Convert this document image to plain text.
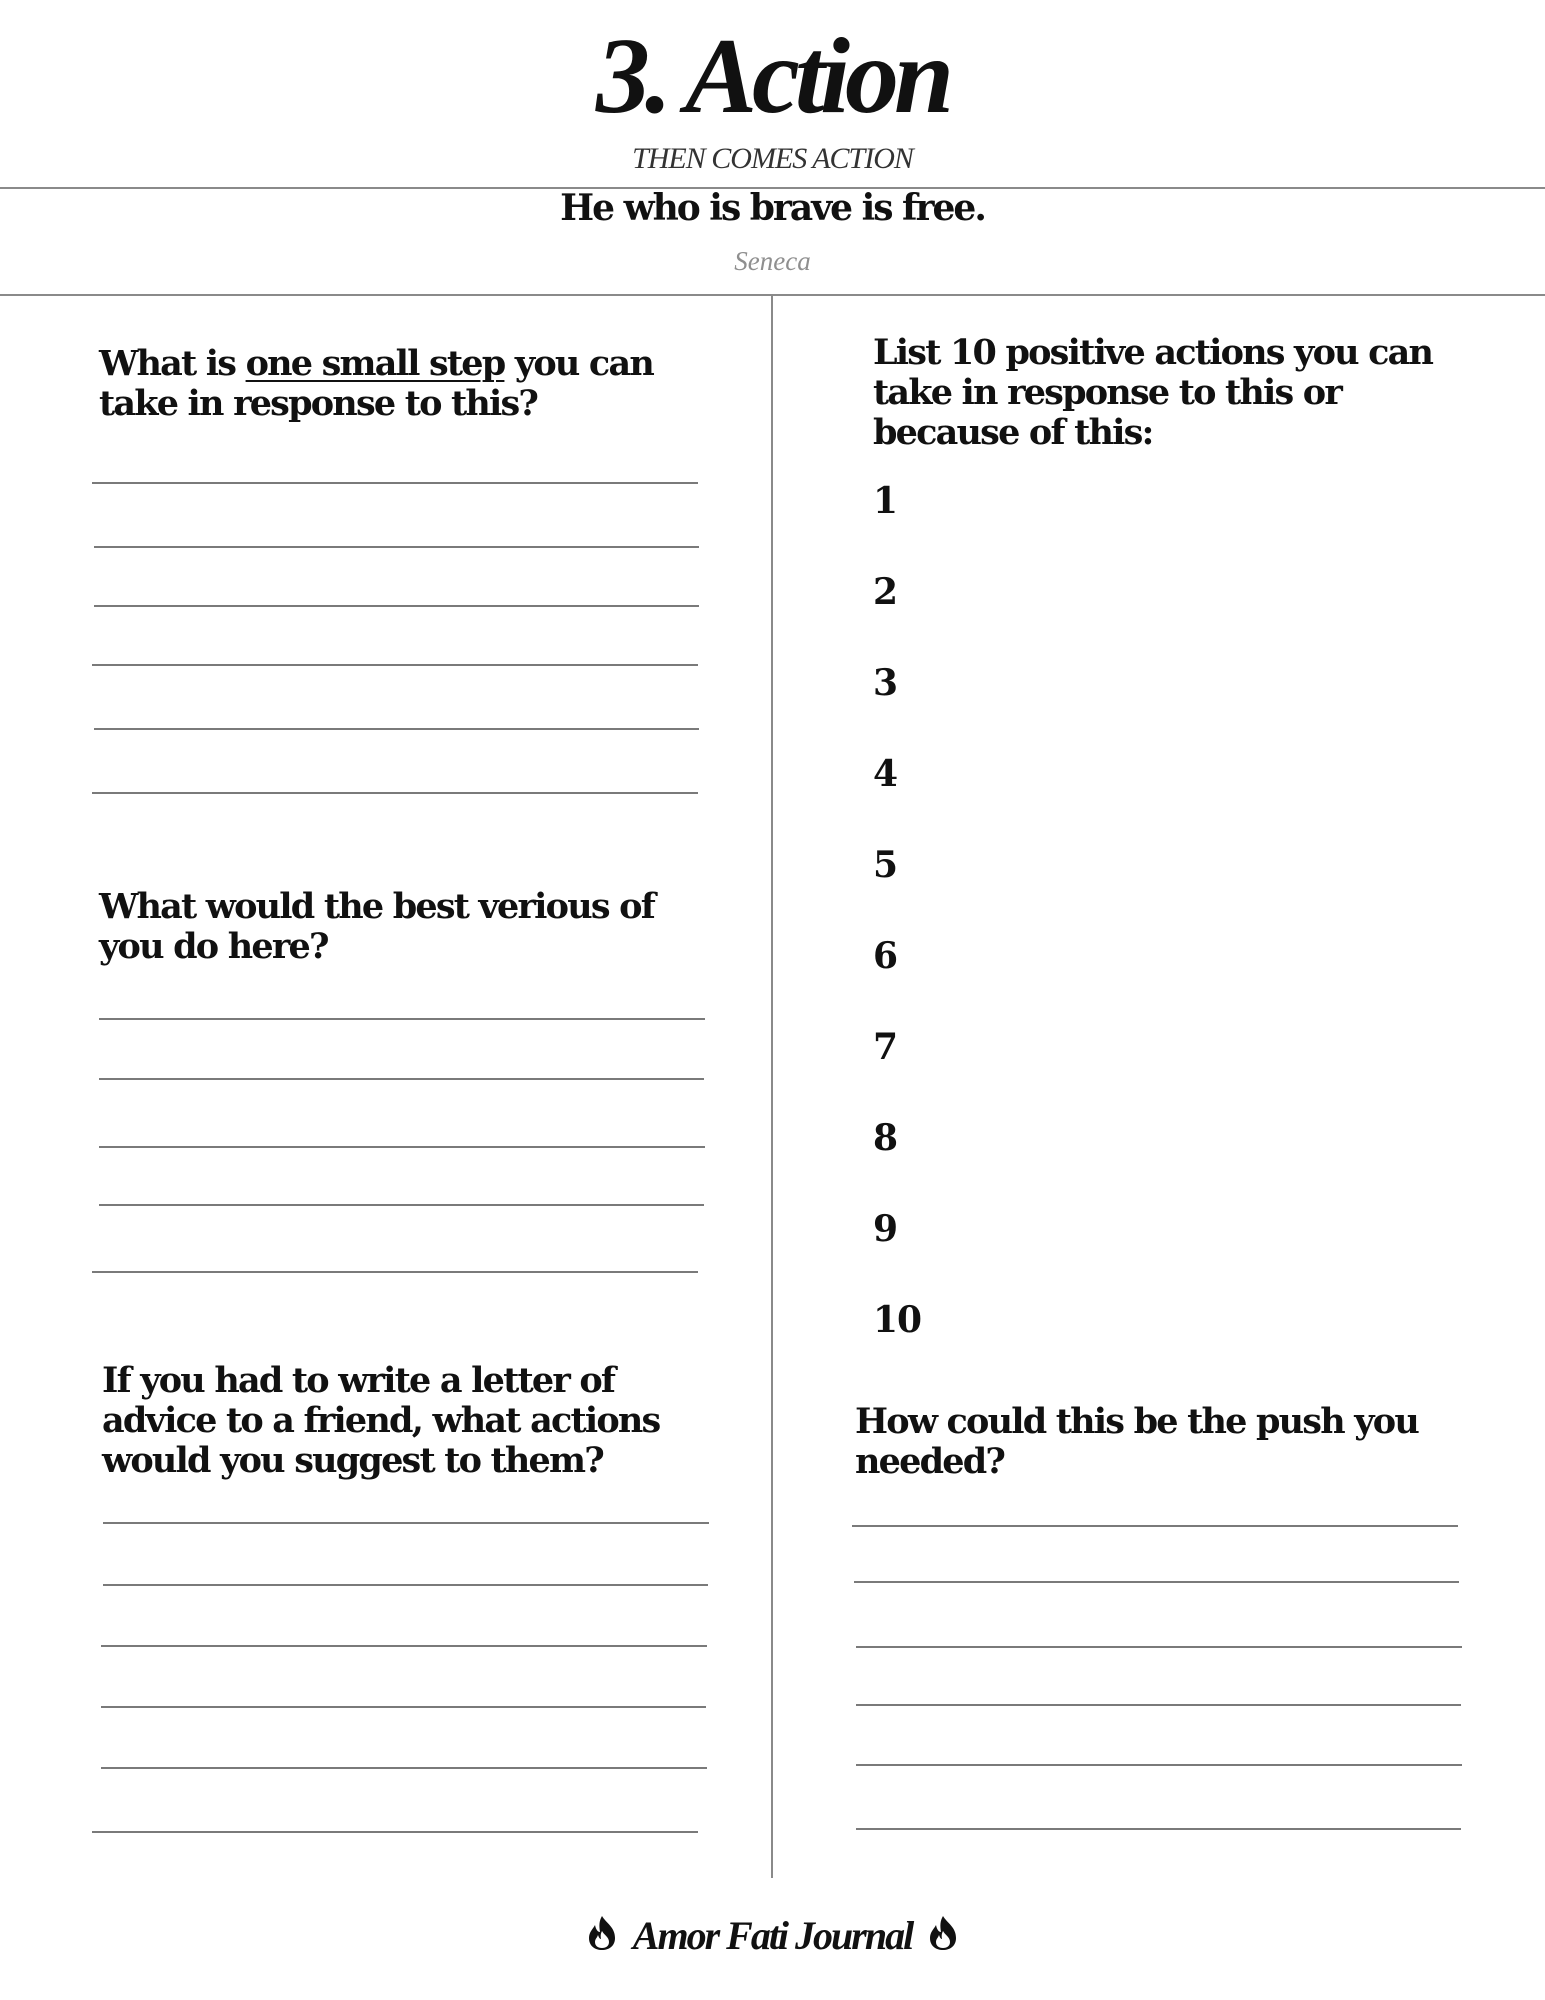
3. Action
THEN COMES ACTION
He who is brave is free.
Seneca
What is one small step you can
take in response to this?
What would the best verious of
you do here?
If you had to write a letter of
advice to a friend, what actions
would you suggest to them?
List 10 positive actions you can
take in response to this or
because of this:
1
2
3
4
5
6
7
8
9
10
How could this be the push you
needed?
Amor Fati Journal
